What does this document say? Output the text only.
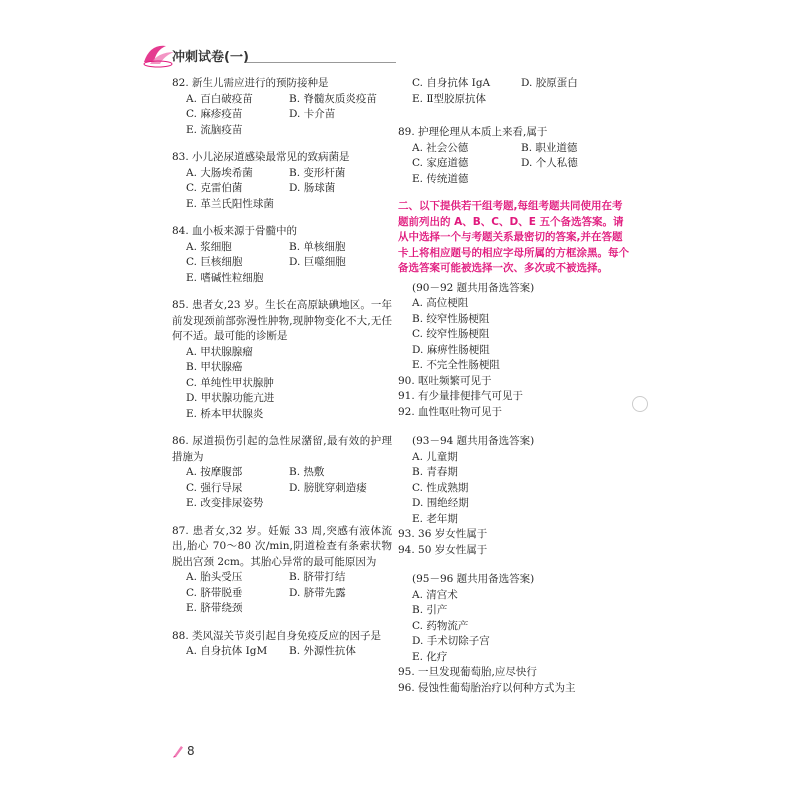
冲刺试卷(一)
82. 新生儿需应进行的预防接种是
A. 百白破疫苗	B. 脊髓灰质炎疫苗
C. 麻疹疫苗	D. 卡介苗
E. 流脑疫苗
83. 小儿泌尿道感染最常见的致病菌是
A. 大肠埃希菌	B. 变形杆菌
C. 克雷伯菌	D. 肠球菌
E. 革兰氏阳性球菌
84. 血小板来源于骨髓中的
A. 浆细胞	B. 单核细胞
C. 巨核细胞	D. 巨噬细胞
E. 嗜碱性粒细胞
85. 患者女,23 岁。生长在高原缺碘地区。一年前发现颈前部弥漫性肿物,现肿物变化不大,无任何不适。最可能的诊断是
A. 甲状腺腺瘤
B. 甲状腺癌
C. 单纯性甲状腺肿
D. 甲状腺功能亢进
E. 桥本甲状腺炎
86. 尿道损伤引起的急性尿潴留,最有效的护理措施为
A. 按摩腹部	B. 热敷
C. 强行导尿	D. 膀胱穿刺造瘘
E. 改变排尿姿势
87. 患者女,32 岁。妊娠 33 周,突感有液体流出,胎心 70～80 次/min,阴道检查有条索状物脱出宫颈 2cm。其胎心异常的最可能原因为
A. 胎头受压	B. 脐带打结
C. 脐带脱垂	D. 脐带先露
E. 脐带绕颈
88. 类风湿关节炎引起自身免疫反应的因子是
A. 自身抗体 IgM	B. 外源性抗体
C. 自身抗体 IgA	D. 胶原蛋白
E. Ⅱ型胶原抗体
89. 护理伦理从本质上来看,属于
A. 社会公德	B. 职业道德
C. 家庭道德	D. 个人私德
E. 传统道德
二、以下提供若干组考题,每组考题共同使用在考题前列出的 A、B、C、D、E 五个备选答案。请从中选择一个与考题关系最密切的答案,并在答题卡上将相应题号的相应字母所属的方框涂黑。每个备选答案可能被选择一次、多次或不被选择。
(90－92 题共用备选答案)
A. 高位梗阻
B. 绞窄性肠梗阻
C. 绞窄性肠梗阻
D. 麻痹性肠梗阻
E. 不完全性肠梗阻
90. 呕吐频繁可见于
91. 有少量排便排气可见于
92. 血性呕吐物可见于
(93－94 题共用备选答案)
A. 儿童期
B. 青春期
C. 性成熟期
D. 围绝经期
E. 老年期
93. 36 岁女性属于
94. 50 岁女性属于
(95－96 题共用备选答案)
A. 清宫术
B. 引产
C. 药物流产
D. 手术切除子宫
E. 化疗
95. 一旦发现葡萄胎,应尽快行
96. 侵蚀性葡萄胎治疗以何种方式为主
8
